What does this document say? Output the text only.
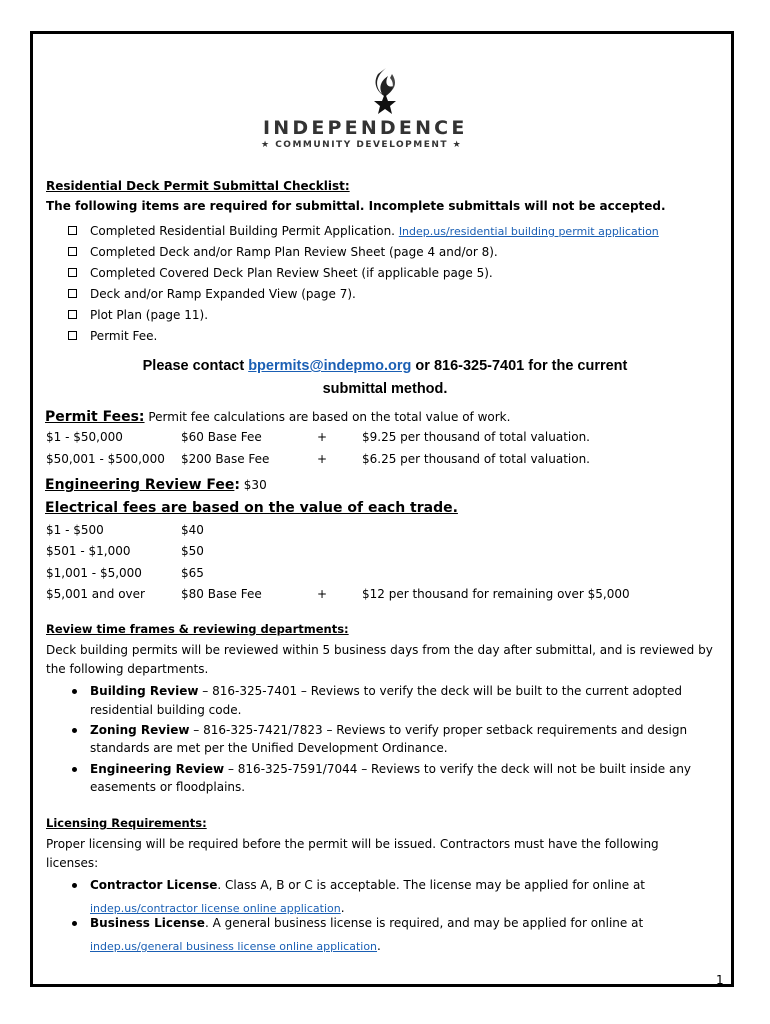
INDEPENDENCE
★ COMMUNITY DEVELOPMENT ★
Residential Deck Permit Submittal Checklist:
The following items are required for submittal. Incomplete submittals will not be accepted.
Completed Residential Building Permit Application. Indep.us/residential building permit application
Completed Deck and/or Ramp Plan Review Sheet (page 4 and/or 8).
Completed Covered Deck Plan Review Sheet (if applicable page 5).
Deck and/or Ramp Expanded View (page 7).
Plot Plan (page 11).
Permit Fee.
Please contact bpermits@indepmo.org or 816-325-7401 for the current
submittal method.
Permit Fees: Permit fee calculations are based on the total value of work.
$1 - $50,000	$60 Base Fee	+	$9.25 per thousand of total valuation.
$50,001 - $500,000 $200 Base Fee	+	$6.25 per thousand of total valuation.
Engineering Review Fee: $30
Electrical fees are based on the value of each trade.
$1 - $500	$40
$501 - $1,000	$50
$1,001 - $5,000	$65
$5,001 and over	$80 Base Fee	+	$12 per thousand for remaining over $5,000
Review time frames & reviewing departments:
Deck building permits will be reviewed within 5 business days from the day after submittal, and is reviewed by
the following departments.
Building Review – 816-325-7401 – Reviews to verify the deck will be built to the current adopted
residential building code.
Zoning Review – 816-325-7421/7823 – Reviews to verify proper setback requirements and design
standards are met per the Unified Development Ordinance.
Engineering Review – 816-325-7591/7044 – Reviews to verify the deck will not be built inside any
easements or floodplains.
Licensing Requirements:
Proper licensing will be required before the permit will be issued. Contractors must have the following
licenses:
Contractor License. Class A, B or C is acceptable. The license may be applied for online at
indep.us/contractor license online application.
Business License. A general business license is required, and may be applied for online at
indep.us/general business license online application.
1
